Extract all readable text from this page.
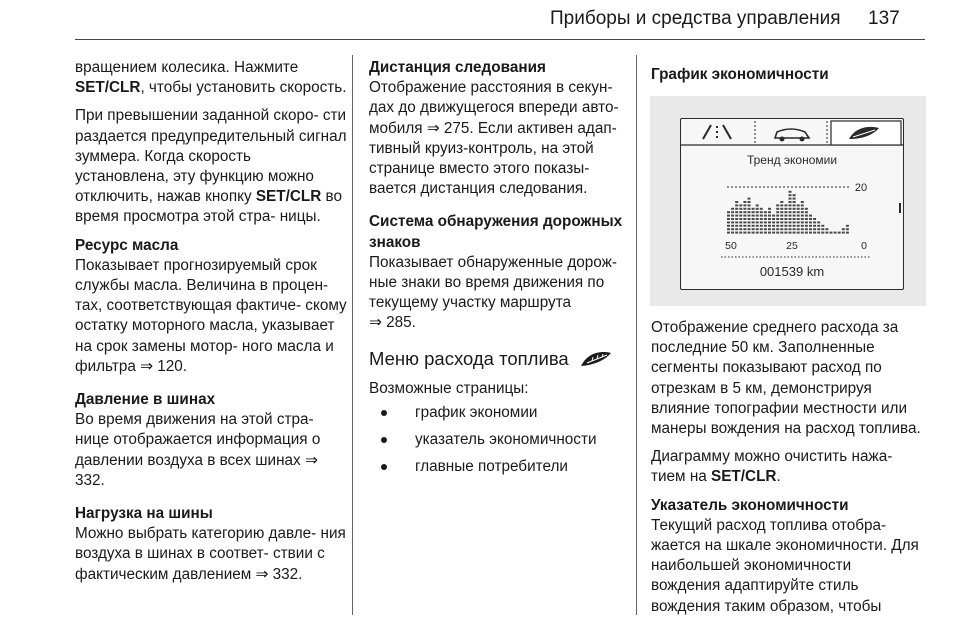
Приборы и средства управления 137

вращением колесика. Нажмите SET/CLR, чтобы установить скорость.

При превышении заданной скоро- сти раздается предупредительный сигнал зуммера. Когда скорость установлена, эту функцию можно отключить, нажав кнопку SET/CLR во время просмотра этой стра- ницы.

Ресурс масла
Показывает прогнозируемый срок службы масла. Величина в процен- тах, соответствующая фактиче- скому остатку моторного масла, указывает на срок замены мотор- ного масла и фильтра ⇒ 120.
Давление в шинах
Во время движения на этой стра- нице отображается информация о давлении воздуха в всех шинах ⇒ 332.
Нагрузка на шины
Можно выбрать категорию давле- ния воздуха в шинах в соответ- ствии с фактическим давлением ⇒ 332.
Дистанция следования
Отображение расстояния в секун- дах до движущегося впереди авто- мобиля ⇒ 275. Если активен адап- тивный круиз-контроль, на этой странице вместо этого показы- вается дистанция следования.
Система обнаружения дорожных знаков
Показывает обнаруженные дорож- ные знаки во время движения по текущему участку маршрута
⇒ 285.
Меню расхода топлива
Возможные страницы:
график экономии
указатель экономичности
главные потребители
График экономичности
Тренд экономии
20
50	25	0
001539 km

Отображение среднего расхода за последние 50 км. Заполненные сегменты показывают расход по отрезкам в 5 км, демонстрируя влияние топографии местности или манеры вождения на расход топлива.

Диаграмму можно очистить нажа- тием на SET/CLR.

Указатель экономичности
Текущий расход топлива отобра- жается на шкале экономичности. Для наибольшей экономичности вождения адаптируйте стиль вождения таким образом, чтобы
